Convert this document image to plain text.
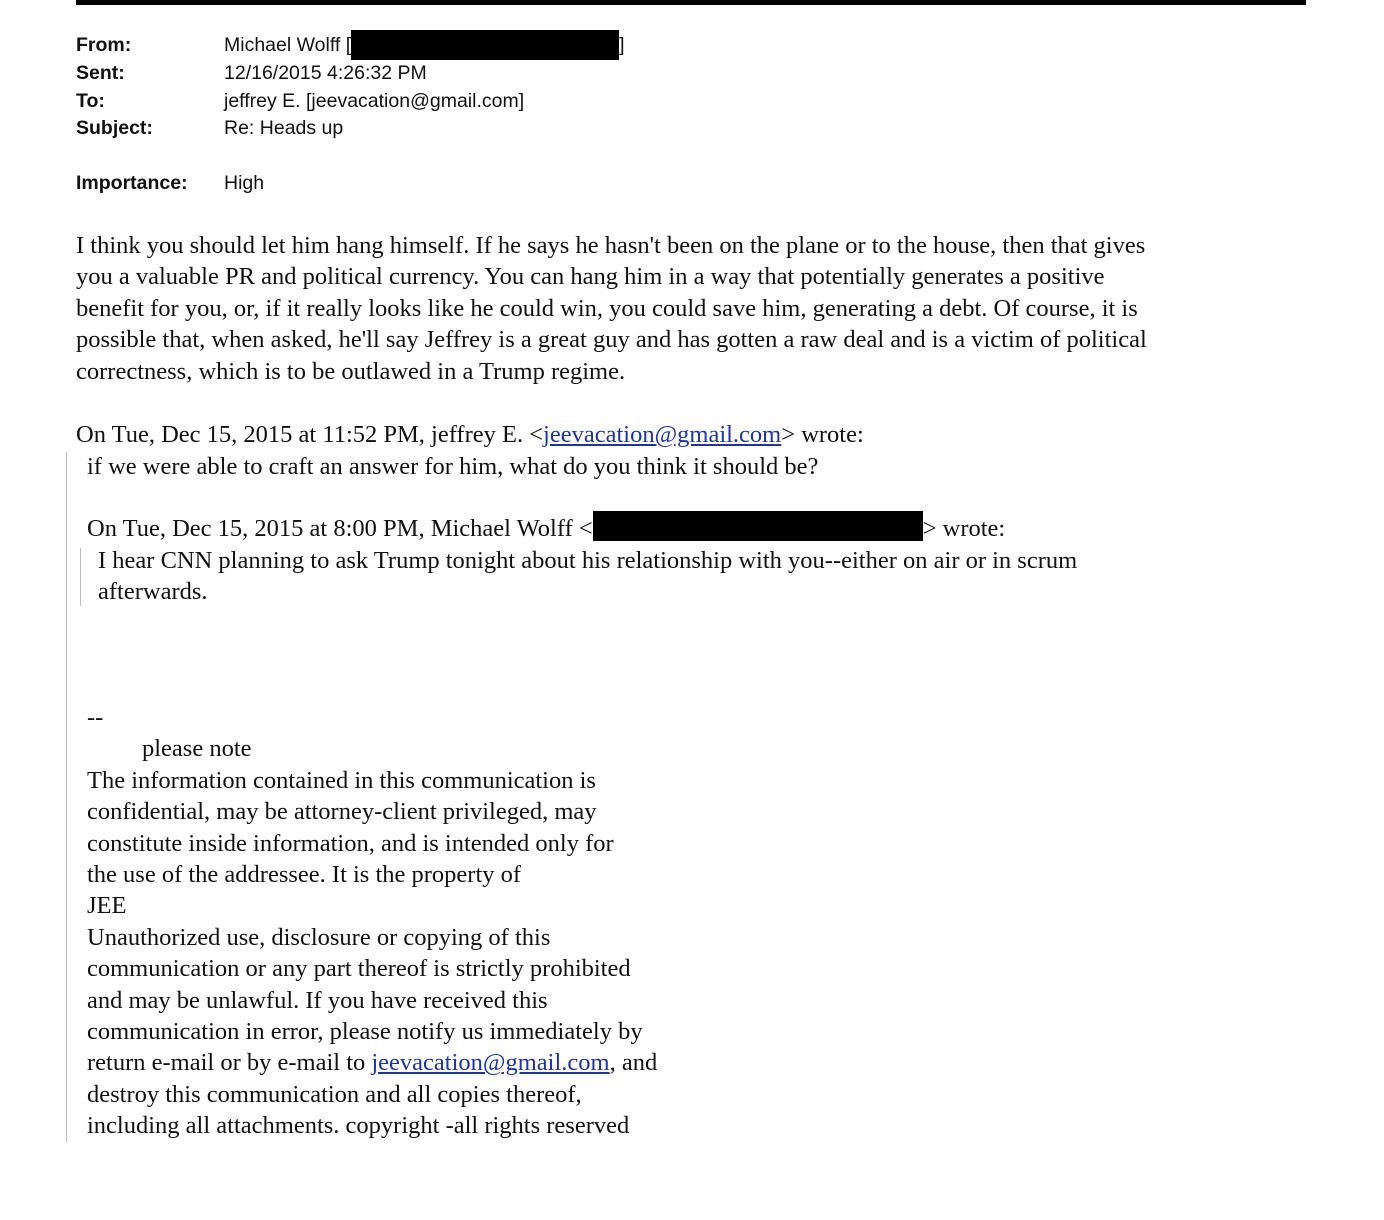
From:	Michael Wolff [	]
Sent:	12/16/2015 4:26:32 PM
To:	jeffrey E. [jeevacation@gmail.com]
Subject:	Re: Heads up
Importance:	High
I think you should let him hang himself. If he says he hasn't been on the plane or to the house, then that gives
you a valuable PR and political currency. You can hang him in a way that potentially generates a positive
benefit for you, or, if it really looks like he could win, you could save him, generating a debt. Of course, it is
possible that, when asked, he'll say Jeffrey is a great guy and has gotten a raw deal and is a victim of political
correctness, which is to be outlawed in a Trump regime.
On Tue, Dec 15, 2015 at 11:52 PM, jeffrey E. <jeevacation@gmail.com> wrote:
if we were able to craft an answer for him, what do you think it should be?
On Tue, Dec 15, 2015 at 8:00 PM, Michael Wolff <	> wrote:
I hear CNN planning to ask Trump tonight about his relationship with you--either on air or in scrum
afterwards.
--
please note
The information contained in this communication is
confidential, may be attorney-client privileged, may
constitute inside information, and is intended only for
the use of the addressee. It is the property of
JEE
Unauthorized use, disclosure or copying of this
communication or any part thereof is strictly prohibited
and may be unlawful. If you have received this
communication in error, please notify us immediately by
return e-mail or by e-mail to jeevacation@gmail.com, and
destroy this communication and all copies thereof,
including all attachments. copyright -all rights reserved
